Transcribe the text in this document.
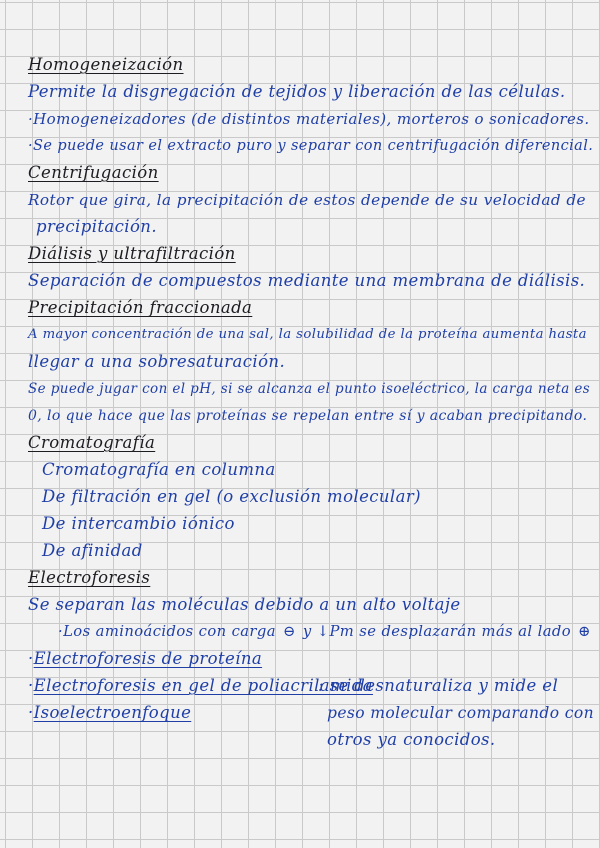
Homogeneización
Permite la disgregación de tejidos y liberación de las células.
·Homogeneizadores (de distintos materiales), morteros o sonicadores.
·Se puede usar el extracto puro y separar con centrifugación diferencial.
Centrifugación
Rotor que gira, la precipitación de estos depende de su velocidad de
precipitación.
Diálisis y ultrafiltración
Separación de compuestos mediante una membrana de diálisis.
Precipitación fraccionada
A mayor concentración de una sal, la solubilidad de la proteína aumenta hasta
llegar a una sobresaturación.
Se puede jugar con el pH, si se alcanza el punto isoeléctrico, la carga neta es
0, lo que hace que las proteínas se repelan entre sí y acaban precipitando.
Cromatografía
Cromatografía en columna
De filtración en gel (o exclusión molecular)
De intercambio iónico
De afinidad
Electroforesis
Se separan las moléculas debido a un alto voltaje
·Los aminoácidos con carga ⊖ y ↓Pm se desplazarán más al lado ⊕
·Electroforesis de proteína
·Electroforesis en gel de poliacrilamida
: se desnaturaliza y mide el
·Isoelectroenfoque	peso molecular comparando con
otros ya conocidos.
